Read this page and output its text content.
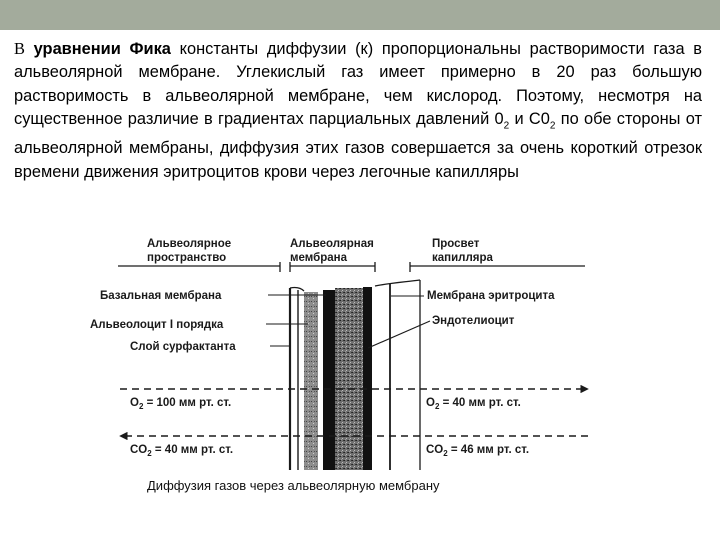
В уравнении Фика константы диффузии (к) пропорциональны растворимости газа в альвеолярной мембране. Углекислый газ имеет примерно в 20 раз большую растворимость в альвеолярной мембране, чем кислород. Поэтому, несмотря на существенное различие в градиентах парциальных давлений $0_2$ и $С0_2$ по обе стороны от альвеолярной мембраны, диффузия этих газов совершается за очень короткий отрезок времени движения эритроцитов крови через легочные капилляры

Альвеолярное
пространство
Альвеолярная
мембрана
Просвет
капилляра
Базальная мембрана
Альвеолоцит I порядка
Слой сурфактанта
Мембрана эритроцита
Эндотелиоцит
$O_2 = 100$ мм рт. ст.
$CO_2 = 40$ мм рт. ст.
$O_2 = 40$ мм рт. ст.
$CO_2 = 46$ мм рт. ст.
Диффузия газов через альвеолярную мембрану
